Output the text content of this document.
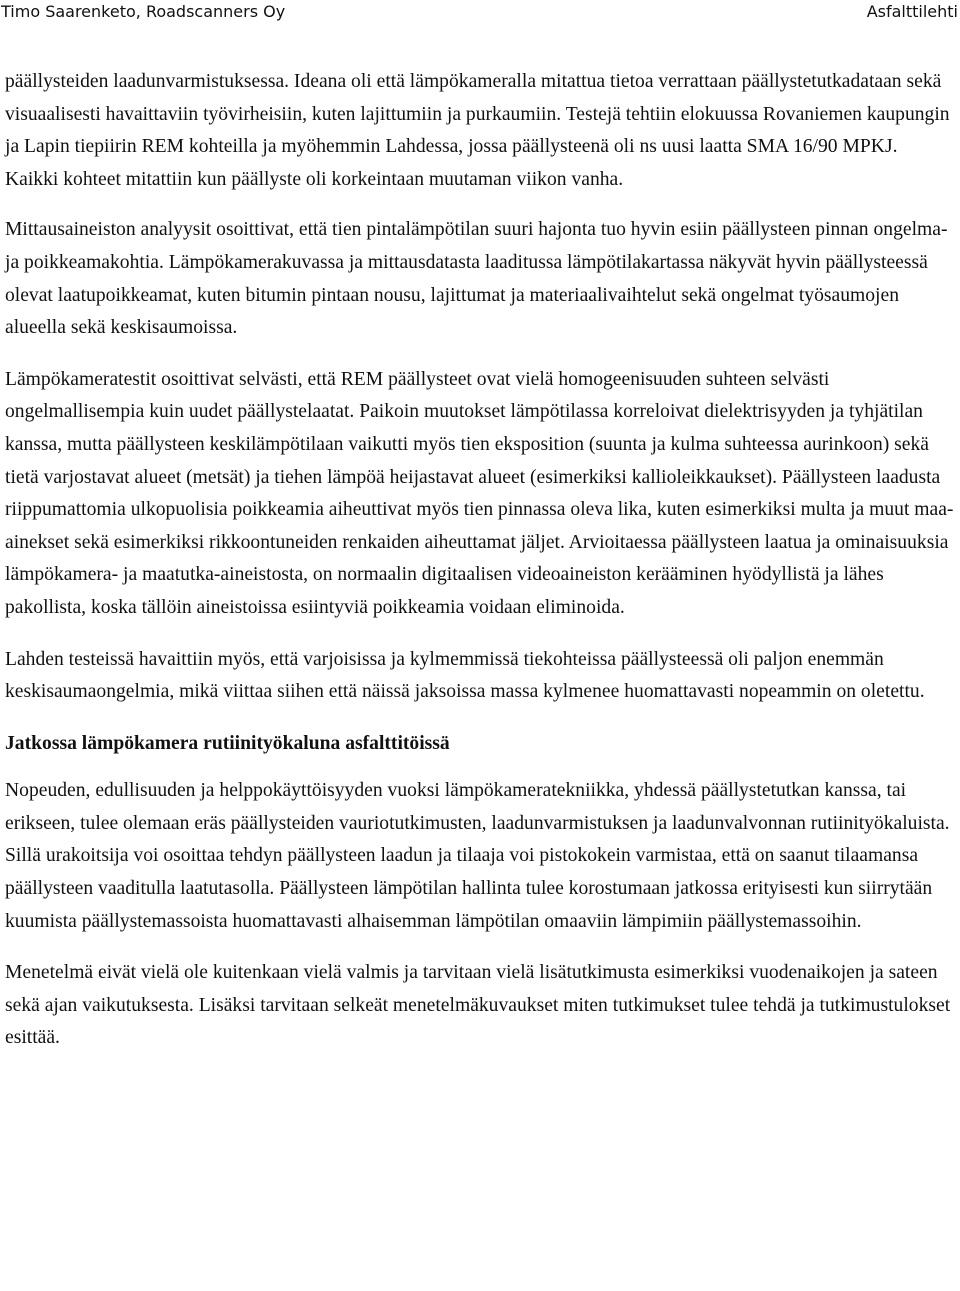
Timo Saarenketo, Roadscanners Oy	Asfalttilehti

päällysteiden laadunvarmistuksessa. Ideana oli että lämpökameralla mitattua tietoa verrattaan päällystetutkadataan sekä visuaalisesti havaittaviin työvirheisiin, kuten lajittumiin ja purkaumiin. Testejä tehtiin elokuussa Rovaniemen kaupungin ja Lapin tiepiirin REM kohteilla ja myöhemmin Lahdessa, jossa päällysteenä oli ns uusi laatta SMA 16/90 MPKJ. Kaikki kohteet mitattiin kun päällyste oli korkeintaan muutaman viikon vanha.

Mittausaineiston analyysit osoittivat, että tien pintalämpötilan suuri hajonta tuo hyvin esiin päällysteen pinnan ongelma- ja poikkeamakohtia. Lämpökamerakuvassa ja mittausdatasta laaditussa lämpötilakartassa näkyvät hyvin päällysteessä olevat laatupoikkeamat, kuten bitumin pintaan nousu, lajittumat ja materiaalivaihtelut sekä ongelmat työsaumojen alueella sekä keskisaumoissa.

Lämpökameratestit osoittivat selvästi, että REM päällysteet ovat vielä homogeenisuuden suhteen selvästi ongelmallisempia kuin uudet päällystelaatat. Paikoin muutokset lämpötilassa korreloivat dielektrisyyden ja tyhjätilan kanssa, mutta päällysteen keskilämpötilaan vaikutti myös tien eksposition (suunta ja kulma suhteessa aurinkoon) sekä tietä varjostavat alueet (metsät) ja tiehen lämpöä heijastavat alueet (esimerkiksi kallioleikkaukset). Päällysteen laadusta riippumattomia ulkopuolisia poikkeamia aiheuttivat myös tien pinnassa oleva lika, kuten esimerkiksi multa ja muut maa-ainekset sekä esimerkiksi rikkoontuneiden renkaiden aiheuttamat jäljet. Arvioitaessa päällysteen laatua ja ominaisuuksia lämpökamera- ja maatutka-aineistosta, on normaalin digitaalisen videoaineiston kerääminen hyödyllistä ja lähes pakollista, koska tällöin aineistoissa esiintyviä poikkeamia voidaan eliminoida.

Lahden testeissä havaittiin myös, että varjoisissa ja kylmemmissä tiekohteissa päällysteessä oli paljon enemmän keskisaumaongelmia, mikä viittaa siihen että näissä jaksoissa massa kylmenee huomattavasti nopeammin on oletettu.

Jatkossa lämpökamera rutiinityökaluna asfalttitöissä

Nopeuden, edullisuuden ja helppokäyttöisyyden vuoksi lämpökameratekniikka, yhdessä päällystetutkan kanssa, tai erikseen, tulee olemaan eräs päällysteiden vauriotutkimusten, laadunvarmistuksen ja laadunvalvonnan rutiinityökaluista. Sillä urakoitsija voi osoittaa tehdyn päällysteen laadun ja tilaaja voi pistokokein varmistaa, että on saanut tilaamansa päällysteen vaaditulla laatutasolla. Päällysteen lämpötilan hallinta tulee korostumaan jatkossa erityisesti kun siirrytään kuumista päällystemassoista huomattavasti alhaisemman lämpötilan omaaviin lämpimiin päällystemassoihin.

Menetelmä eivät vielä ole kuitenkaan vielä valmis ja tarvitaan vielä lisätutkimusta esimerkiksi vuodenaikojen ja sateen sekä ajan vaikutuksesta. Lisäksi tarvitaan selkeät menetelmäkuvaukset miten tutkimukset tulee tehdä ja tutkimustulokset esittää.
